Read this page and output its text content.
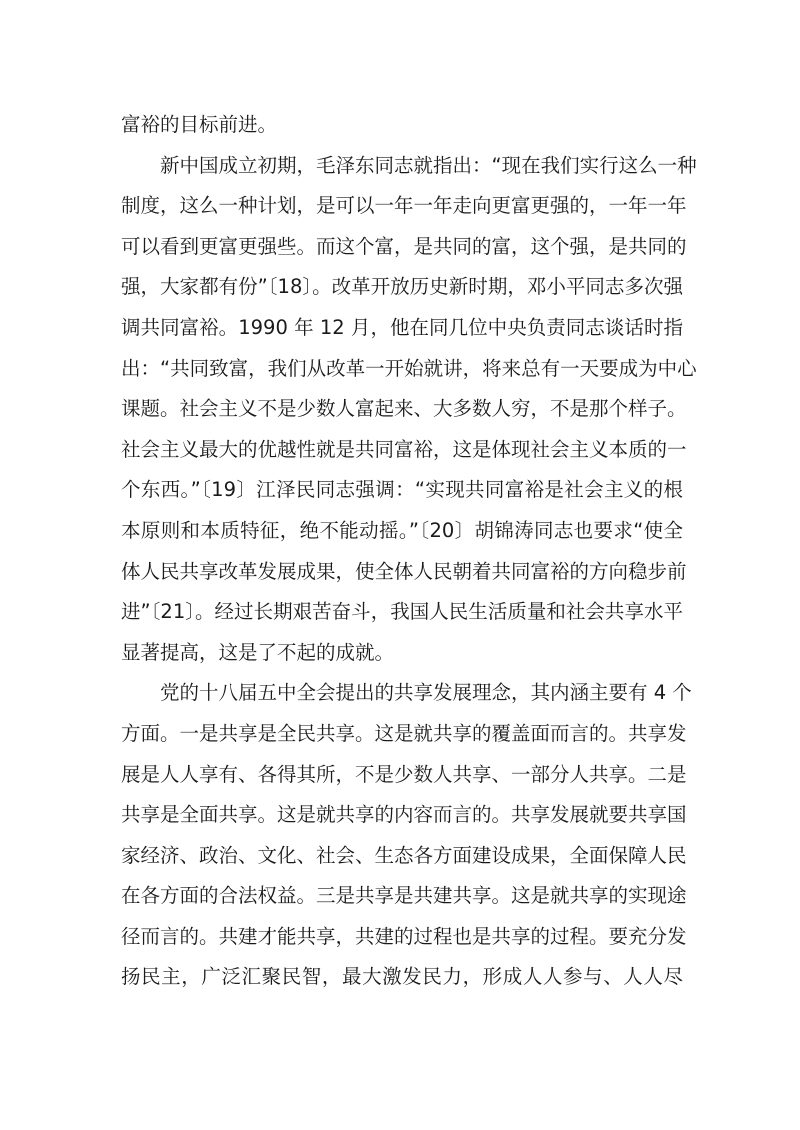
富裕的目标前进。
新中国成立初期，毛泽东同志就指出：“现在我们实行这么一种
制度，这么一种计划，是可以一年一年走向更富更强的，一年一年
可以看到更富更强些。而这个富，是共同的富，这个强，是共同的
强，大家都有份”〔18〕。改革开放历史新时期，邓小平同志多次强
调共同富裕。1990 年 12 月，他在同几位中央负责同志谈话时指
出：“共同致富，我们从改革一开始就讲，将来总有一天要成为中心
课题。社会主义不是少数人富起来、大多数人穷，不是那个样子。
社会主义最大的优越性就是共同富裕，这是体现社会主义本质的一
个东西。”〔19〕江泽民同志强调：“实现共同富裕是社会主义的根
本原则和本质特征，绝不能动摇。”〔20〕胡锦涛同志也要求“使全
体人民共享改革发展成果，使全体人民朝着共同富裕的方向稳步前
进”〔21〕。经过长期艰苦奋斗，我国人民生活质量和社会共享水平
显著提高，这是了不起的成就。
党的十八届五中全会提出的共享发展理念，其内涵主要有 4 个
方面。一是共享是全民共享。这是就共享的覆盖面而言的。共享发
展是人人享有、各得其所，不是少数人共享、一部分人共享。二是
共享是全面共享。这是就共享的内容而言的。共享发展就要共享国
家经济、政治、文化、社会、生态各方面建设成果，全面保障人民
在各方面的合法权益。三是共享是共建共享。这是就共享的实现途
径而言的。共建才能共享，共建的过程也是共享的过程。要充分发
扬民主，广泛汇聚民智，最大激发民力，形成人人参与、人人尽
